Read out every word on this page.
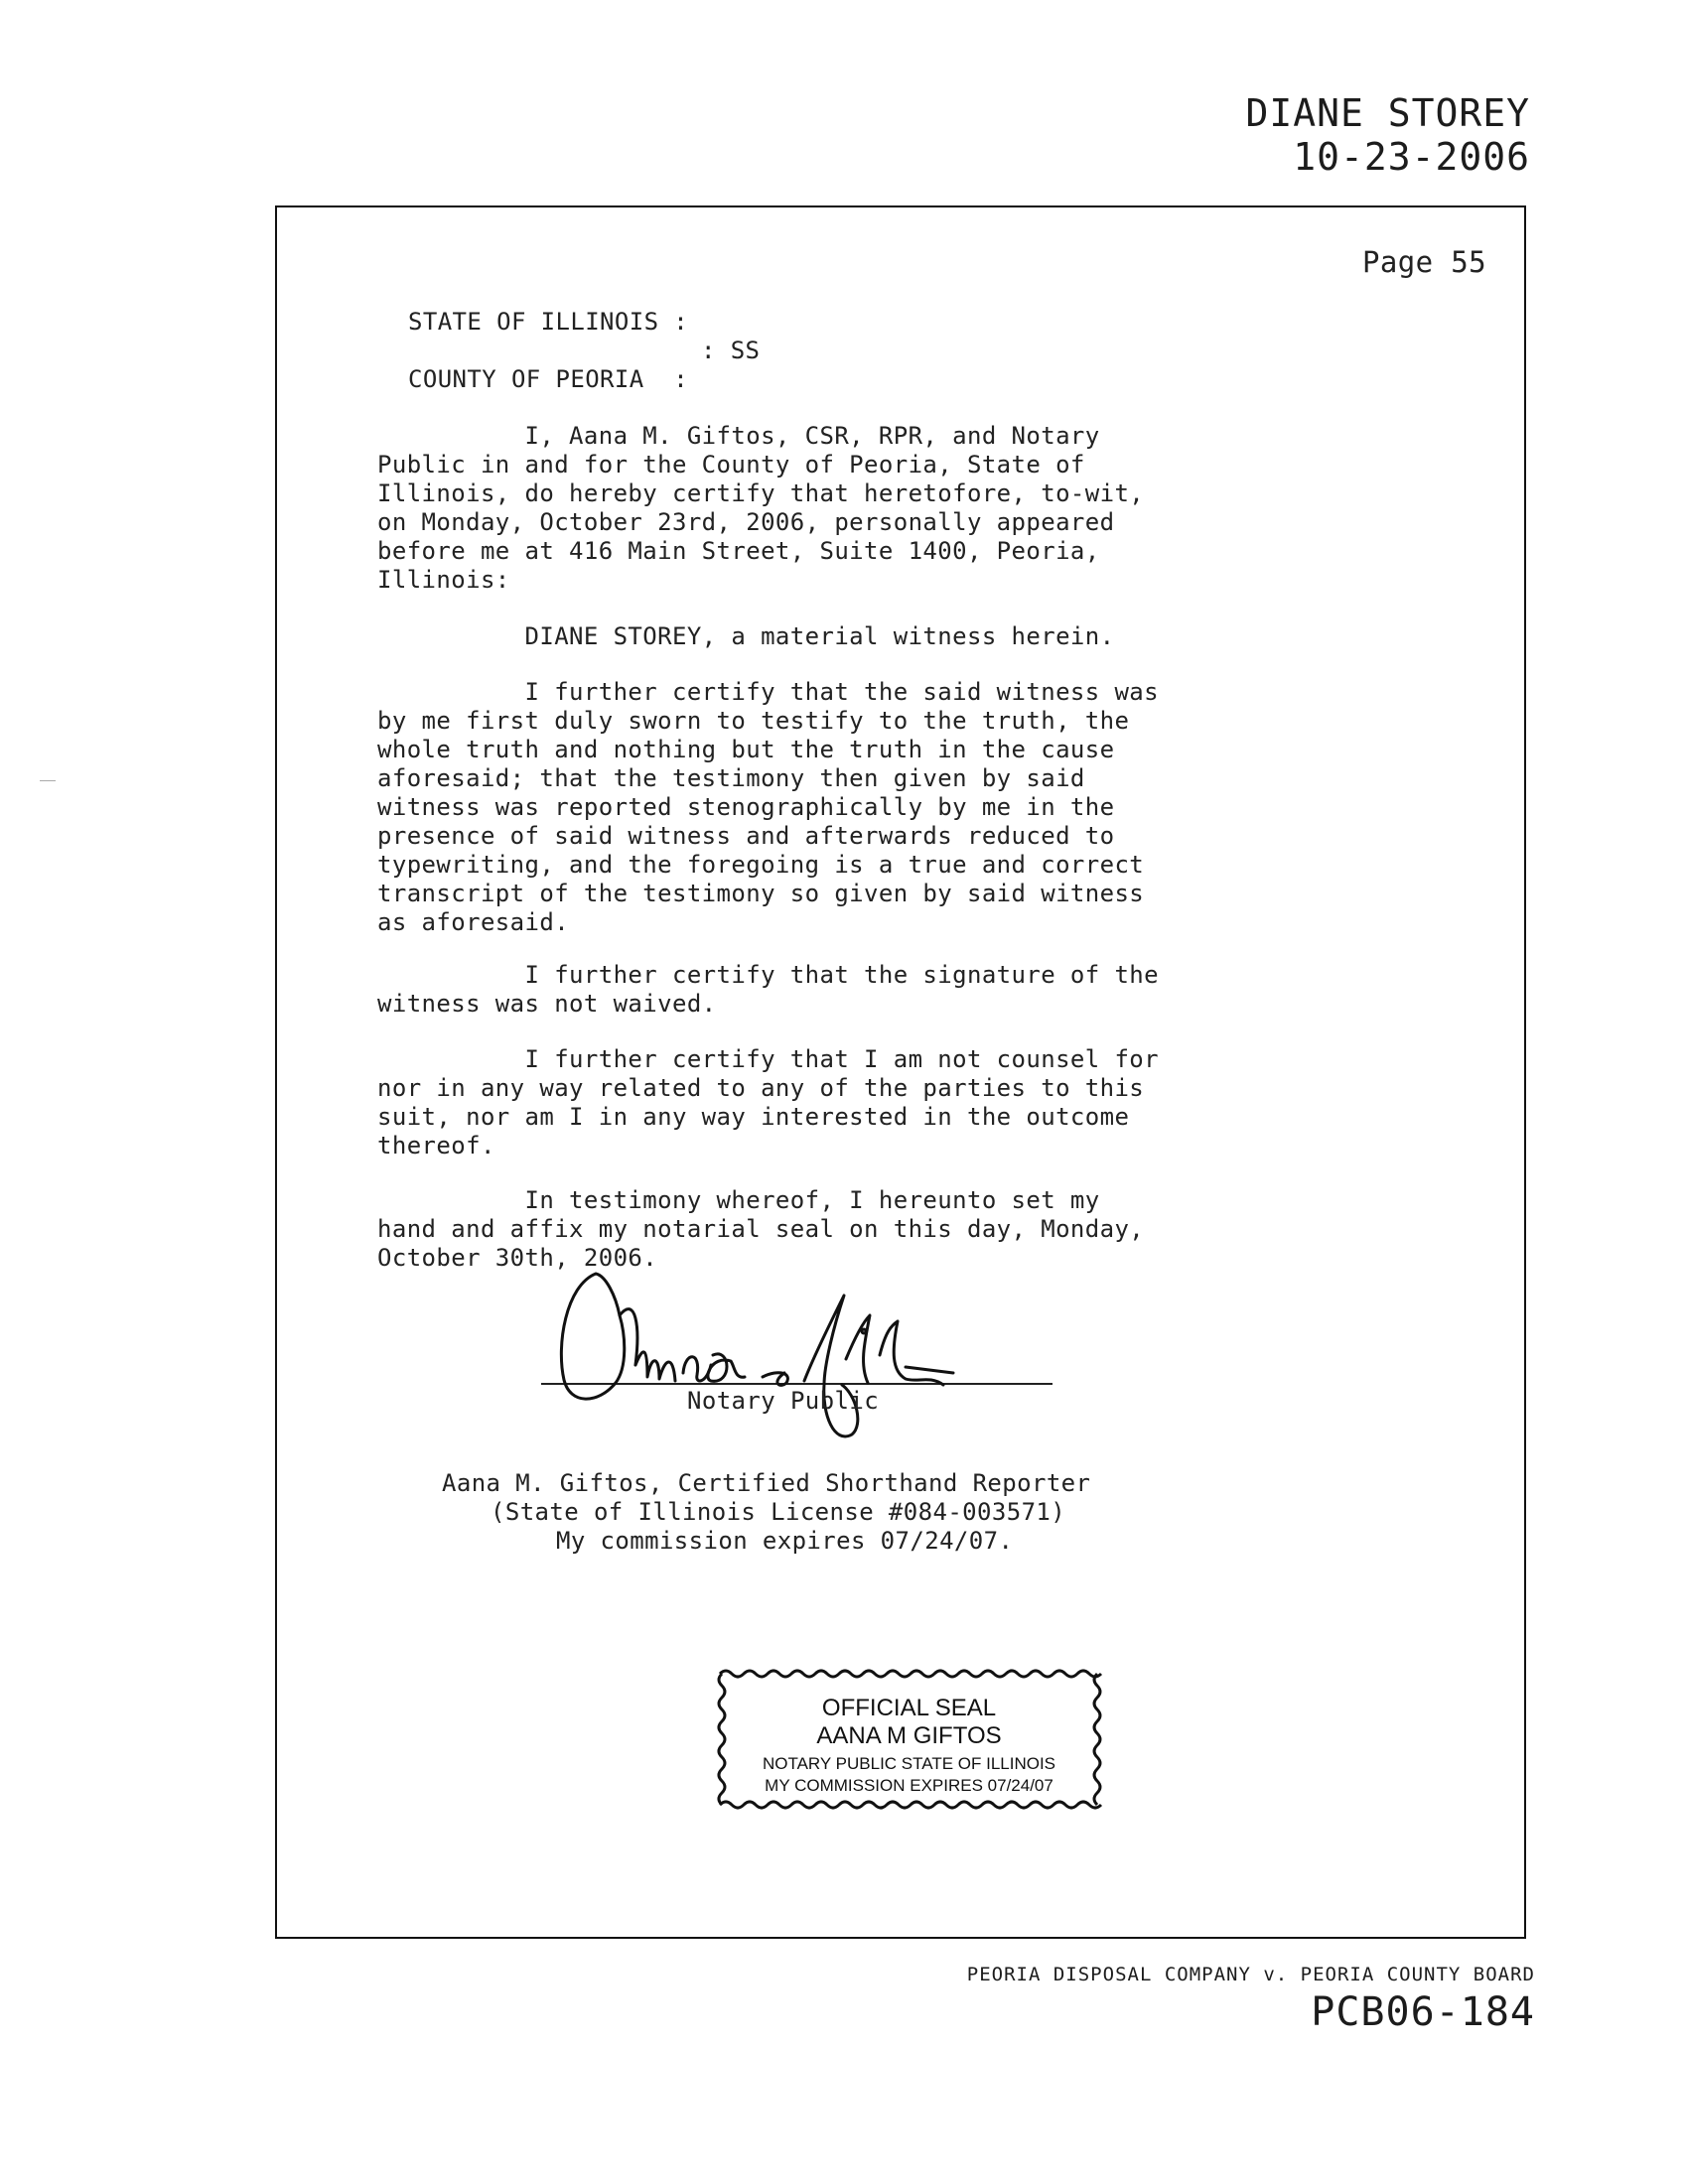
DIANE STOREY
10-23-2006
Page 55
STATE OF ILLINOIS :
: SS
COUNTY OF PEORIA  :
I, Aana M. Giftos, CSR, RPR, and Notary
Public in and for the County of Peoria, State of
Illinois, do hereby certify that heretofore, to-wit,
on Monday, October 23rd, 2006, personally appeared
before me at 416 Main Street, Suite 1400, Peoria,
Illinois:
DIANE STOREY, a material witness herein.
I further certify that the said witness was
by me first duly sworn to testify to the truth, the
whole truth and nothing but the truth in the cause
aforesaid; that the testimony then given by said
witness was reported stenographically by me in the
presence of said witness and afterwards reduced to
typewriting, and the foregoing is a true and correct
transcript of the testimony so given by said witness
as aforesaid.
I further certify that the signature of the
witness was not waived.
I further certify that I am not counsel for
nor in any way related to any of the parties to this
suit, nor am I in any way interested in the outcome
thereof.
In testimony whereof, I hereunto set my
hand and affix my notarial seal on this day, Monday,
October 30th, 2006.
Notary Public
Aana M. Giftos, Certified Shorthand Reporter
(State of Illinois License #084-003571)
My commission expires 07/24/07.
OFFICIAL SEAL
AANA M GIFTOS
NOTARY PUBLIC STATE OF ILLINOIS
MY COMMISSION EXPIRES 07/24/07
PEORIA DISPOSAL COMPANY v. PEORIA COUNTY BOARD
PCB06-184
